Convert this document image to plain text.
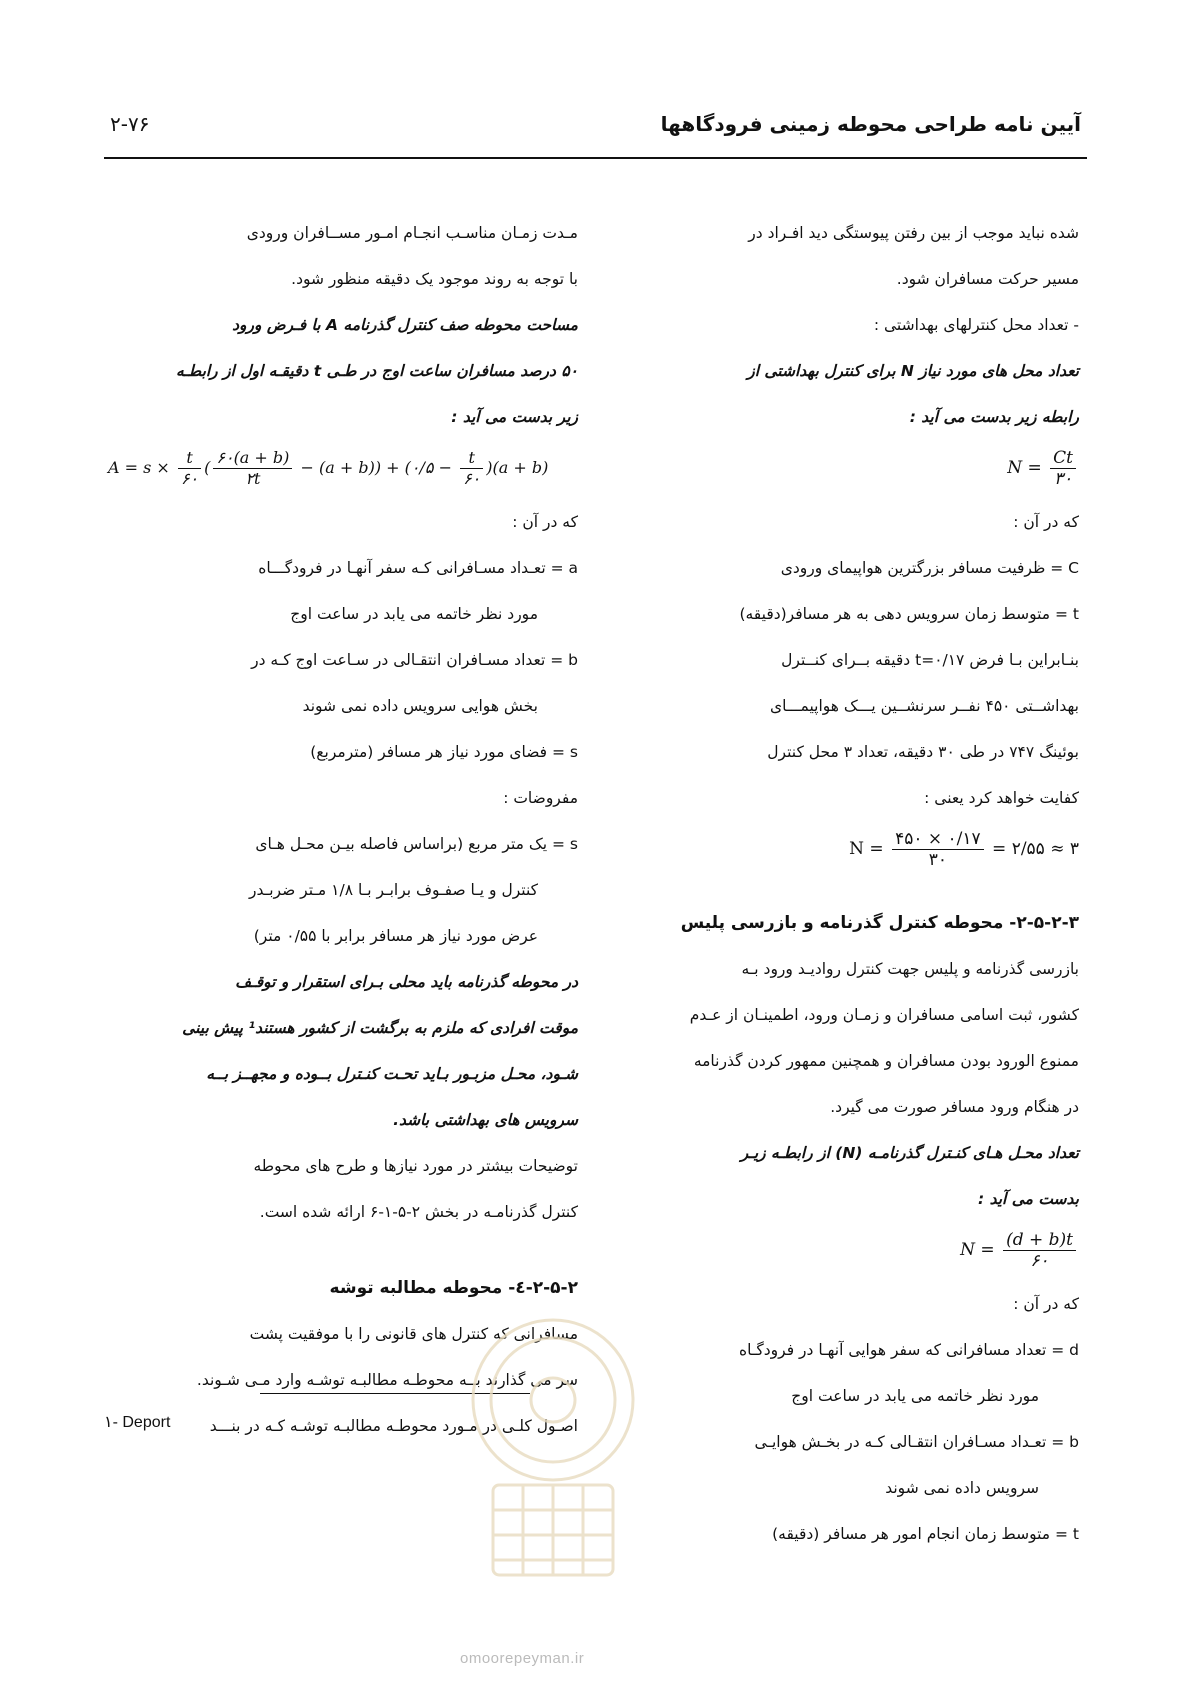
آیین نامه طراحی محوطه زمینی فرودگاهها
۲-۷۶

شده نباید موجب از بین رفتن پیوستگی دید افـراد در

مسیر حرکت مسافران شود.

- تعداد محل کنترلهای بهداشتی :

تعداد محل های مورد نیاز N برای کنترل بهداشتی از

رابطه زیر بدست می آید :

$N = \frac{Ct}{۳۰}$

که در آن :

C = ظرفیت مسافر بزرگترین هواپیمای ورودی

t = متوسط زمان سرویس دهی به هر مسافر(دقیقه)

بنـابراین بـا فرض ۰/۱۷=t دقیقه بــرای کنــترل

بهداشــتی ۴۵۰ نفــر سرنشــین یـــک هواپیمـــای

بوئینگ ۷۴۷ در طی ۳۰ دقیقه، تعداد ۳ محل کنترل

کفایت خواهد کرد یعنی :

$N = \frac{۴۵۰ \times ۰/۱۷}{۳۰}$ = ۲/۵۵ ≈ ۳

۲-۵-۲-۳- محوطه کنترل گذرنامه و بازرسی پلیس

بازرسی گذرنامه و پلیس جهت کنترل روادیـد ورود بـه

کشور، ثبت اسامی مسافران و زمـان ورود، اطمینـان از عـدم

ممنوع الورود بودن مسافران و همچنین ممهور کردن گذرنامه

در هنگام ورود مسافر صورت می گیرد.

تعداد محـل هـای کنـترل گذرنامـه (N) از رابطـه زیـر

بدست می آید :

$N = \frac{(d + b)t}{۶۰}$

که در آن :

d = تعداد مسافرانی که سفر هوایی آنهـا در فرودگـاه

مورد نظر خاتمه می یابد در ساعت اوج

b = تعـداد مسـافران انتقـالی کـه در بخـش هوایـی

سرویس داده نمی شوند

t = متوسط زمان انجام امور هر مسافر (دقیقه)

مـدت زمـان مناسـب انجـام امـور مســافران ورودی

با توجه به روند موجود یک دقیقه منظور شود.

مساحت محوطه صف کنترل گذرنامه A با فـرض ورود

۵۰ درصد مسافران ساعت اوج در طـی t دقیقـه اول از رابطـه

زیر بدست می آید :

$A = s \times \frac{t}{۶۰}$ ( $\frac{۶۰(a + b)}{۲t} - (a + b)$) + (۰/۵ − $\frac{t}{۶۰} )(a + b)$

که در آن :

a = تعـداد مسـافرانی کـه سفر آنهـا در فرودگـــاه

مورد نظر خاتمه می یابد در ساعت اوج

b = تعداد مسـافران انتقـالی در سـاعت اوج کـه در

بخش هوایی سرویس داده نمی شوند

s = فضای مورد نیاز هر مسافر (مترمربع)

مفروضات :

s = یک متر مربع (براساس فاصله بیـن محـل هـای

کنترل و یـا صفـوف برابـر بـا ۱/۸ مـتر ضربـدر

عرض مورد نیاز هر مسافر برابر با ۰/۵۵ متر)

در محوطه گذرنامه باید محلی بـرای استقرار و توقـف

موقت افرادی که ملزم به برگشت از کشور هستند¹ پیش بینی

شـود، محـل مزبـور بـاید تحـت کنـترل بــوده و مجهــز بــه

سرویس های بهداشتی باشد.

توضیحات بیشتر در مورد نیازها و طرح های محوطه

کنترل گذرنامـه در بخش ۲-۵-۱-۶ ارائه شده است.

۲-۵-۲-٤- محوطه مطالبه توشه

مسافرانی که کنترل های قانونی را با موفقیت پشت

سر می گذارند بــه محوطـه مطالبـه توشـه وارد مـی شـوند.

اصـول کلـی در مـورد محوطـه مطالبـه توشـه کـه در بنـــد

۱- Deport
omoorepeyman.ir
